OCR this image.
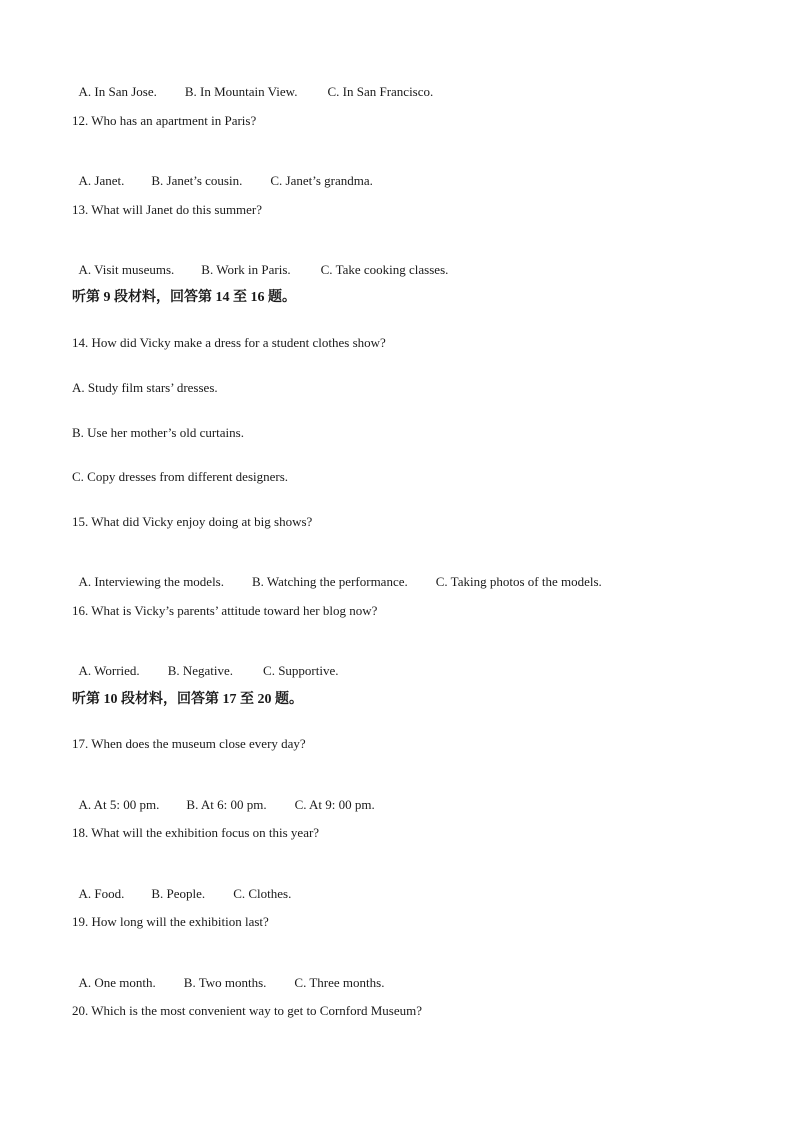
A. In San Jose. B. In Mountain View. C. In San Francisco.

12. Who has an apartment in Paris?

A. Janet. B. Janet’s cousin. C. Janet’s grandma.

13. What will Janet do this summer?

A. Visit museums. B. Work in Paris. C. Take cooking classes.

听第 9 段材料，回答第 14 至 16 题。
14. How did Vicky make a dress for a student clothes show?
A. Study film stars’ dresses.
B. Use her mother’s old curtains.
C. Copy dresses from different designers.
15. What did Vicky enjoy doing at big shows?

A. Interviewing the models. B. Watching the performance. C. Taking photos of the models.

16. What is Vicky’s parents’ attitude toward her blog now?

A. Worried. B. Negative. C. Supportive.

听第 10 段材料，回答第 17 至 20 题。
17. When does the museum close every day?

A. At 5: 00 pm. B. At 6: 00 pm. C. At 9: 00 pm.

18. What will the exhibition focus on this year?

A. Food. B. People. C. Clothes.

19. How long will the exhibition last?

A. One month. B. Two months. C. Three months.

20. Which is the most convenient way to get to Cornford Museum?
